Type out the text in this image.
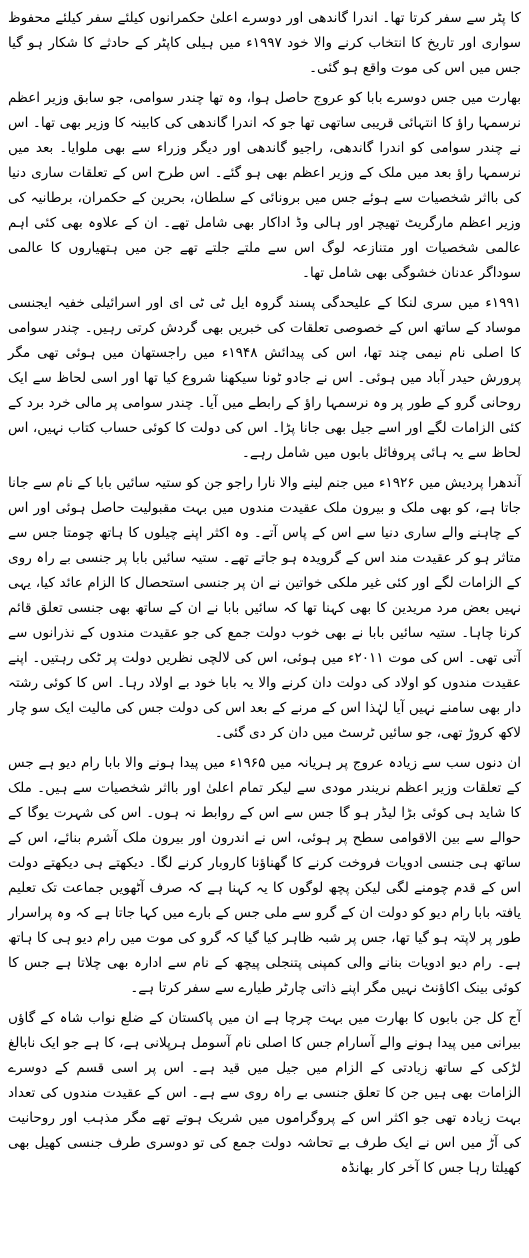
کا پٹر سے سفر کرتا تھا۔ اندرا گاندھی اور دوسرے اعلیٰ حکمرانوں کیلئے سفر کیلئے محفوظ سواری اور تاریخ کا انتخاب کرنے والا خود ۱۹۹۷ء میں ہیلی کاپٹر کے حادثے کا شکار ہو گیا جس میں اس کی موت واقع ہو گئی۔

بھارت میں جس دوسرے بابا کو عروج حاصل ہوا، وہ تھا چندر سوامی، جو سابق وزیر اعظم نرسمہا راؤ کا انتہائی قریبی ساتھی تھا جو کہ اندرا گاندھی کی کابینہ کا وزیر بھی تھا۔ اس نے چندر سوامی کو اندرا گاندھی، راجیو گاندھی اور دیگر وزراء سے بھی ملوایا۔ بعد میں نرسمہا راؤ بعد میں ملک کے وزیر اعظم بھی ہو گئے۔ اس طرح اس کے تعلقات ساری دنیا کی بااثر شخصیات سے ہوئے جس میں برونائی کے سلطان، بحرین کے حکمران، برطانیہ کی وزیر اعظم مارگریٹ تھیچر اور ہالی وڈ اداکار بھی شامل تھے۔ ان کے علاوہ بھی کئی اہم عالمی شخصیات اور متنازعہ لوگ اس سے ملتے جلتے تھے جن میں ہتھیاروں کا عالمی سوداگر عدنان خشوگی بھی شامل تھا۔

۱۹۹۱ء میں سری لنکا کے علیحدگی پسند گروہ ایل ٹی ٹی ای اور اسرائیلی خفیہ ایجنسی موساد کے ساتھ اس کے خصوصی تعلقات کی خبریں بھی گردش کرتی رہیں۔ چندر سوامی کا اصلی نام نیمی چند تھا، اس کی پیدائش ۱۹۴۸ء میں راجستھان میں ہوئی تھی مگر پرورش حیدر آباد میں ہوئی۔ اس نے جادو ٹونا سیکھنا شروع کیا تھا اور اسی لحاظ سے ایک روحانی گرو کے طور پر وہ نرسمہا راؤ کے رابطے میں آیا۔ چندر سوامی پر مالی خرد برد کے کئی الزامات لگے اور اسے جیل بھی جانا پڑا۔ اس کی دولت کا کوئی حساب کتاب نہیں، اس لحاظ سے یہ ہائی پروفائل بابوں میں شامل رہے۔

آندھرا پردیش میں ۱۹۲۶ء میں جنم لینے والا نارا راجو جن کو ستیہ سائیں بابا کے نام سے جانا جاتا ہے، کو بھی ملک و بیرون ملک عقیدت مندوں میں بہت مقبولیت حاصل ہوئی اور اس کے چاہنے والے ساری دنیا سے اس کے پاس آتے۔ وہ اکثر اپنے چیلوں کا ہاتھ چومتا جس سے متاثر ہو کر عقیدت مند اس کے گرویدہ ہو جاتے تھے۔ ستیہ سائیں بابا پر جنسی بے راہ روی کے الزامات لگے اور کئی غیر ملکی خواتین نے ان پر جنسی استحصال کا الزام عائد کیا، یہی نہیں بعض مرد مریدین کا بھی کہنا تھا کہ سائیں بابا نے ان کے ساتھ بھی جنسی تعلق قائم کرنا چاہا۔ ستیہ سائیں بابا نے بھی خوب دولت جمع کی جو عقیدت مندوں کے نذرانوں سے آتی تھی۔ اس کی موت ۲۰۱۱ء میں ہوئی، اس کی لالچی نظریں دولت پر ٹکی رہتیں۔ اپنے عقیدت مندوں کو اولاد کی دولت دان کرنے والا یہ بابا خود بے اولاد رہا۔ اس کا کوئی رشتہ دار بھی سامنے نہیں آیا لہٰذا اس کے مرنے کے بعد اس کی دولت جس کی مالیت ایک سو چار لاکھ کروڑ تھی، جو سائیں ٹرسٹ میں دان کر دی گئی۔

ان دنوں سب سے زیادہ عروج پر ہریانہ میں ۱۹۶۵ء میں پیدا ہونے والا بابا رام دیو ہے جس کے تعلقات وزیر اعظم نریندر مودی سے لیکر تمام اعلیٰ اور بااثر شخصیات سے ہیں۔ ملک کا شاید ہی کوئی بڑا لیڈر ہو گا جس سے اس کے روابط نہ ہوں۔ اس کی شہرت یوگا کے حوالے سے بین الاقوامی سطح پر ہوئی، اس نے اندرون اور بیرون ملک آشرم بنائے، اس کے ساتھ ہی جنسی ادویات فروخت کرنے کا گھناؤنا کاروبار کرنے لگا۔ دیکھتے ہی دیکھتے دولت اس کے قدم چومنے لگی لیکن پچھ لوگوں کا یہ کہنا ہے کہ صرف آٹھویں جماعت تک تعلیم یافتہ بابا رام دیو کو دولت ان کے گرو سے ملی جس کے بارے میں کہا جاتا ہے کہ وہ پراسرار طور پر لاپتہ ہو گیا تھا، جس پر شبہ ظاہر کیا گیا کہ گرو کی موت میں رام دیو ہی کا ہاتھ ہے۔ رام دیو ادویات بنانے والی کمپنی پتنجلی پیچھ کے نام سے ادارہ بھی چلاتا ہے جس کا کوئی بینک اکاؤنٹ نہیں مگر اپنے ذاتی چارٹر طیارے سے سفر کرتا ہے۔

آج کل جن بابوں کا بھارت میں بہت چرچا ہے ان میں پاکستان کے ضلع نواب شاہ کے گاؤں بیرانی میں پیدا ہونے والے آسارام جس کا اصلی نام آسومل ہرپلانی ہے، کا ہے جو ایک نابالغ لڑکی کے ساتھ زیادتی کے الزام میں جیل میں قید ہے۔ اس پر اسی قسم کے دوسرے الزامات بھی ہیں جن کا تعلق جنسی بے راہ روی سے ہے۔ اس کے عقیدت مندوں کی تعداد بہت زیادہ تھی جو اکثر اس کے پروگراموں میں شریک ہوتے تھے مگر مذہب اور روحانیت کی آڑ میں اس نے ایک طرف بے تحاشہ دولت جمع کی تو دوسری طرف جنسی کھیل بھی کھیلتا رہا جس کا آخر کار بھانڈہ
